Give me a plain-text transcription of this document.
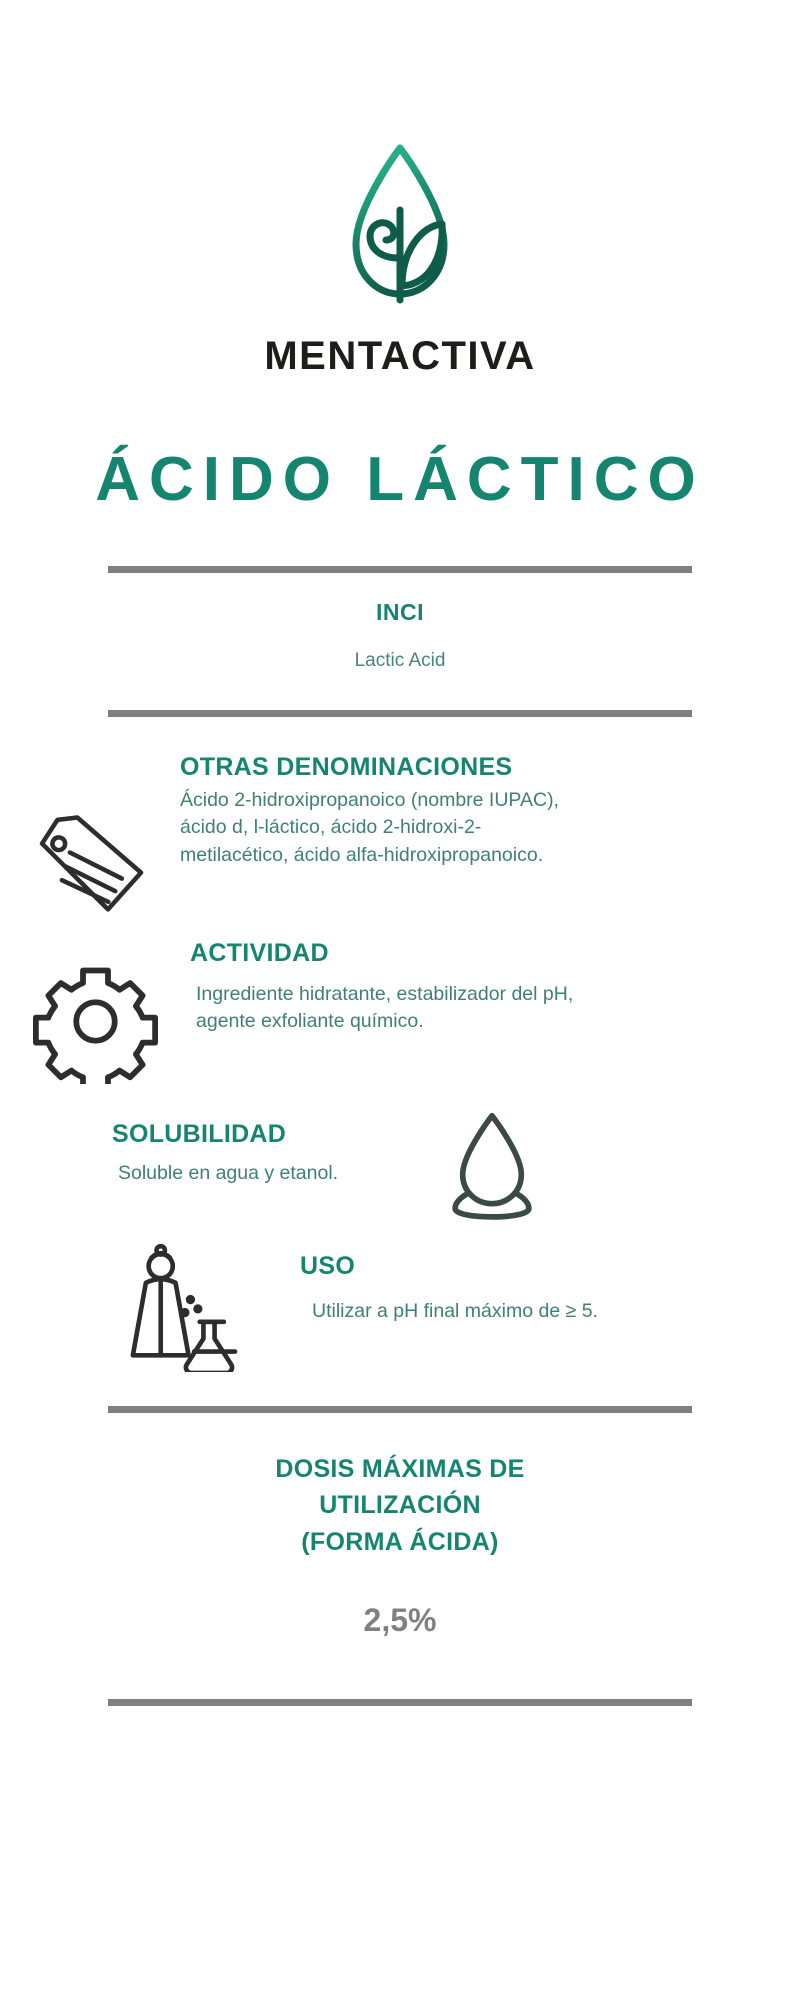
MENTACTIVA
ÁCIDO LÁCTICO
INCI
Lactic Acid
OTRAS DENOMINACIONES
Ácido 2-hidroxipropanoico (nombre IUPAC), ácido d, l-láctico, ácido 2-hidroxi-2-metilacético, ácido alfa-hidroxipropanoico.
ACTIVIDAD
Ingrediente hidratante, estabilizador del pH, agente exfoliante químico.
SOLUBILIDAD
Soluble en agua y etanol.
USO
Utilizar a pH final máximo de ≥ 5.
DOSIS MÁXIMAS DE
UTILIZACIÓN
(FORMA ÁCIDA)
2,5%
